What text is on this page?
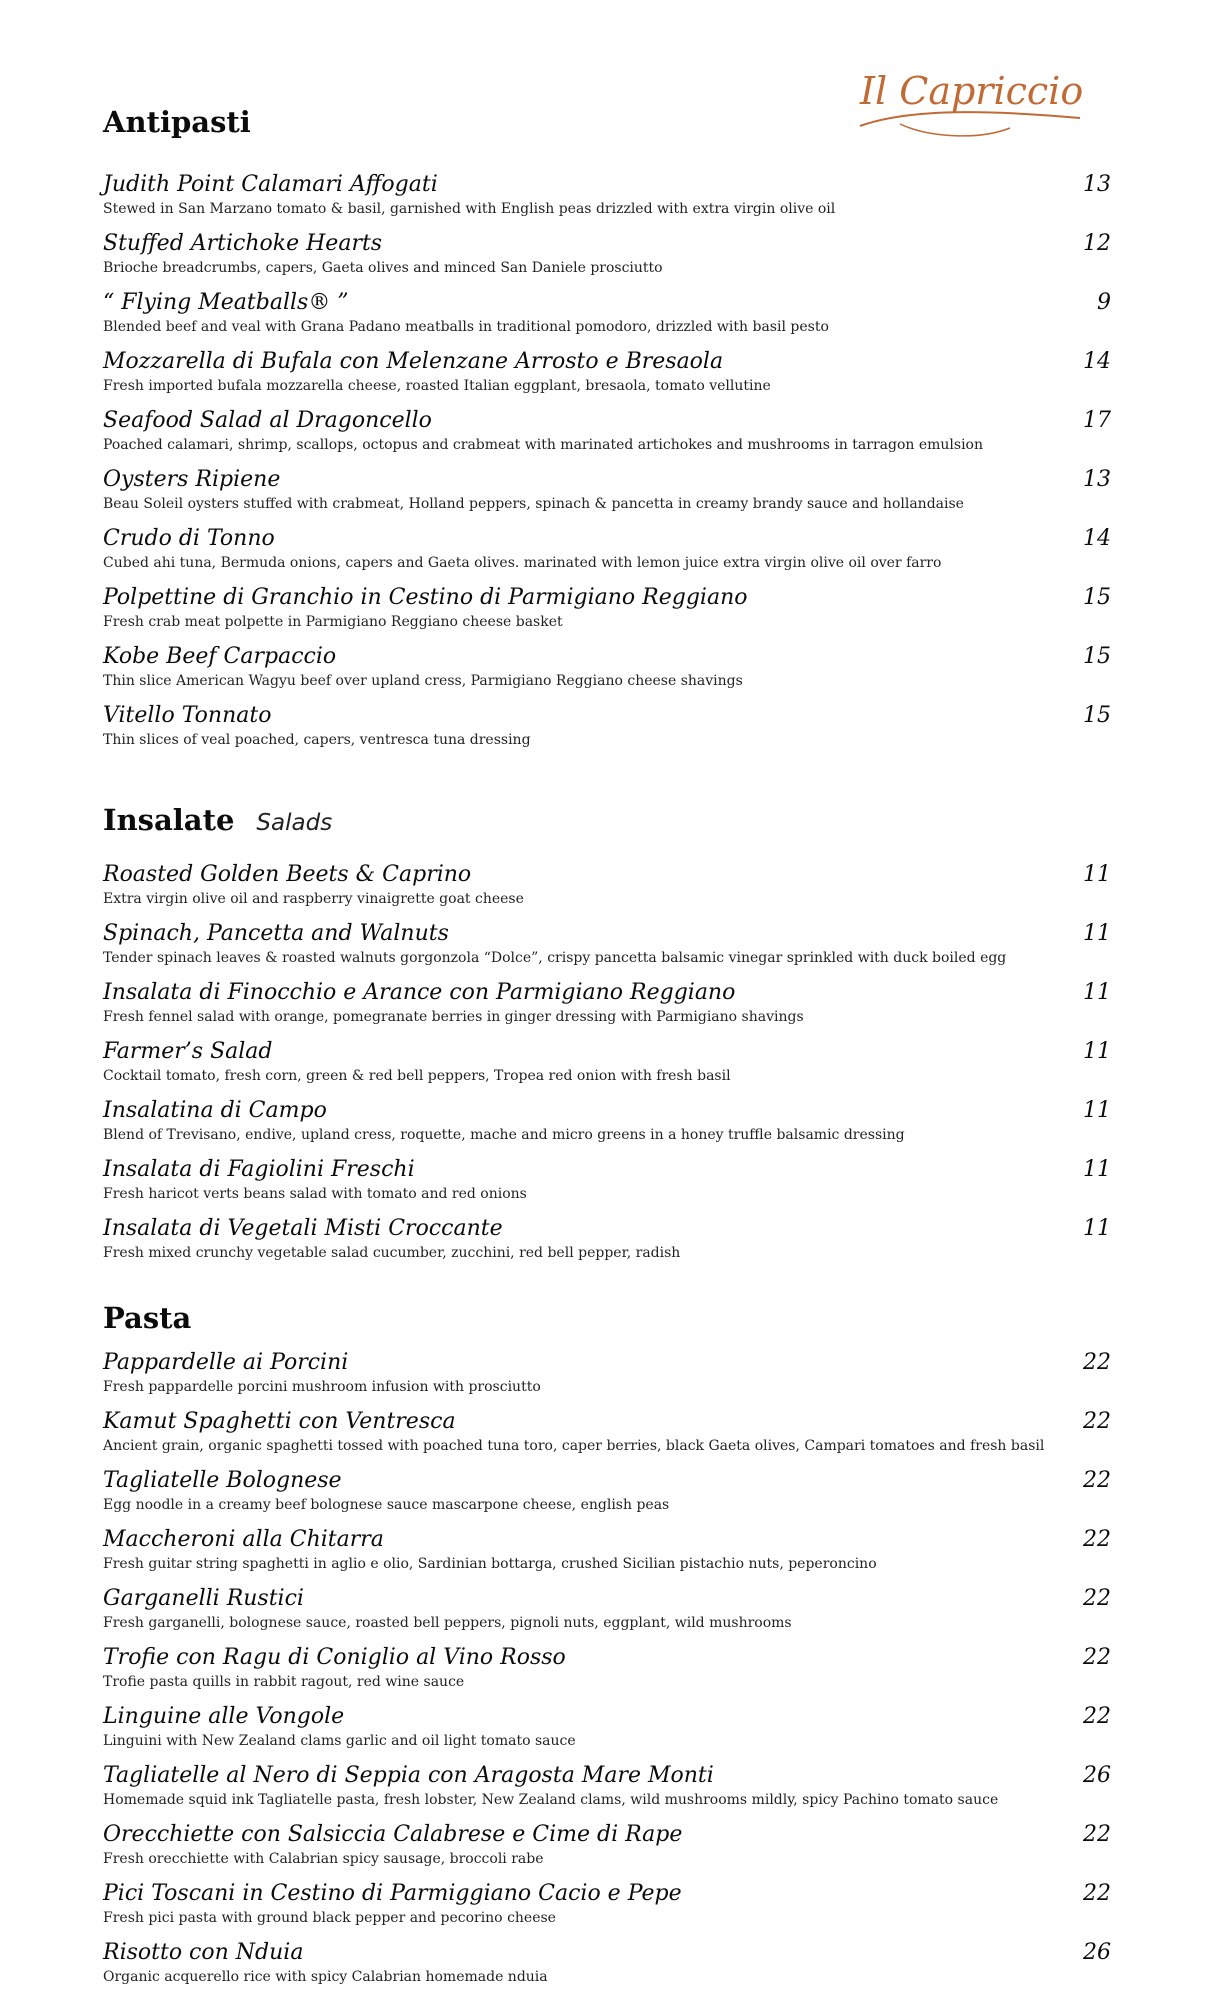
Il Capriccio
Antipasti
Judith Point Calamari Affogati	13
Stewed in San Marzano tomato & basil, garnished with English peas drizzled with extra virgin olive oil
Stuffed Artichoke Hearts	12
Brioche breadcrumbs, capers, Gaeta olives and minced San Daniele prosciutto
“ Flying Meatballs® ”	9
Blended beef and veal with Grana Padano meatballs in traditional pomodoro, drizzled with basil pesto
Mozzarella di Bufala con Melenzane Arrosto e Bresaola	14
Fresh imported bufala mozzarella cheese, roasted Italian eggplant, bresaola, tomato vellutine
Seafood Salad al Dragoncello	17
Poached calamari, shrimp, scallops, octopus and crabmeat with marinated artichokes and mushrooms in tarragon emulsion
Oysters Ripiene	13
Beau Soleil oysters stuffed with crabmeat, Holland peppers, spinach & pancetta in creamy brandy sauce and hollandaise
Crudo di Tonno	14
Cubed ahi tuna, Bermuda onions, capers and Gaeta olives. marinated with lemon juice extra virgin olive oil over farro
Polpettine di Granchio in Cestino di Parmigiano Reggiano	15
Fresh crab meat polpette in Parmigiano Reggiano cheese basket
Kobe Beef Carpaccio	15
Thin slice American Wagyu beef over upland cress, Parmigiano Reggiano cheese shavings
Vitello Tonnato	15
Thin slices of veal poached, capers, ventresca tuna dressing
Insalate Salads
Roasted Golden Beets & Caprino	11
Extra virgin olive oil and raspberry vinaigrette goat cheese
Spinach, Pancetta and Walnuts	11
Tender spinach leaves & roasted walnuts gorgonzola “Dolce”, crispy pancetta balsamic vinegar sprinkled with duck boiled egg
Insalata di Finocchio e Arance con Parmigiano Reggiano	11
Fresh fennel salad with orange, pomegranate berries in ginger dressing with Parmigiano shavings
Farmer’s Salad	11
Cocktail tomato, fresh corn, green & red bell peppers, Tropea red onion with fresh basil
Insalatina di Campo	11
Blend of Trevisano, endive, upland cress, roquette, mache and micro greens in a honey truffle balsamic dressing
Insalata di Fagiolini Freschi	11
Fresh haricot verts beans salad with tomato and red onions
Insalata di Vegetali Misti Croccante	11
Fresh mixed crunchy vegetable salad cucumber, zucchini, red bell pepper, radish
Pasta
Pappardelle ai Porcini	22
Fresh pappardelle porcini mushroom infusion with prosciutto
Kamut Spaghetti con Ventresca	22
Ancient grain, organic spaghetti tossed with poached tuna toro, caper berries, black Gaeta olives, Campari tomatoes and fresh basil
Tagliatelle Bolognese	22
Egg noodle in a creamy beef bolognese sauce mascarpone cheese, english peas
Maccheroni alla Chitarra	22
Fresh guitar string spaghetti in aglio e olio, Sardinian bottarga, crushed Sicilian pistachio nuts, peperoncino
Garganelli Rustici	22
Fresh garganelli, bolognese sauce, roasted bell peppers, pignoli nuts, eggplant, wild mushrooms
Trofie con Ragu di Coniglio al Vino Rosso	22
Trofie pasta quills in rabbit ragout, red wine sauce
Linguine alle Vongole	22
Linguini with New Zealand clams garlic and oil light tomato sauce
Tagliatelle al Nero di Seppia con Aragosta Mare Monti	26
Homemade squid ink Tagliatelle pasta, fresh lobster, New Zealand clams, wild mushrooms mildly, spicy Pachino tomato sauce
Orecchiette con Salsiccia Calabrese e Cime di Rape	22
Fresh orecchiette with Calabrian spicy sausage, broccoli rabe
Pici Toscani in Cestino di Parmiggiano Cacio e Pepe	22
Fresh pici pasta with ground black pepper and pecorino cheese
Risotto con Nduia	26
Organic acquerello rice with spicy Calabrian homemade nduia
